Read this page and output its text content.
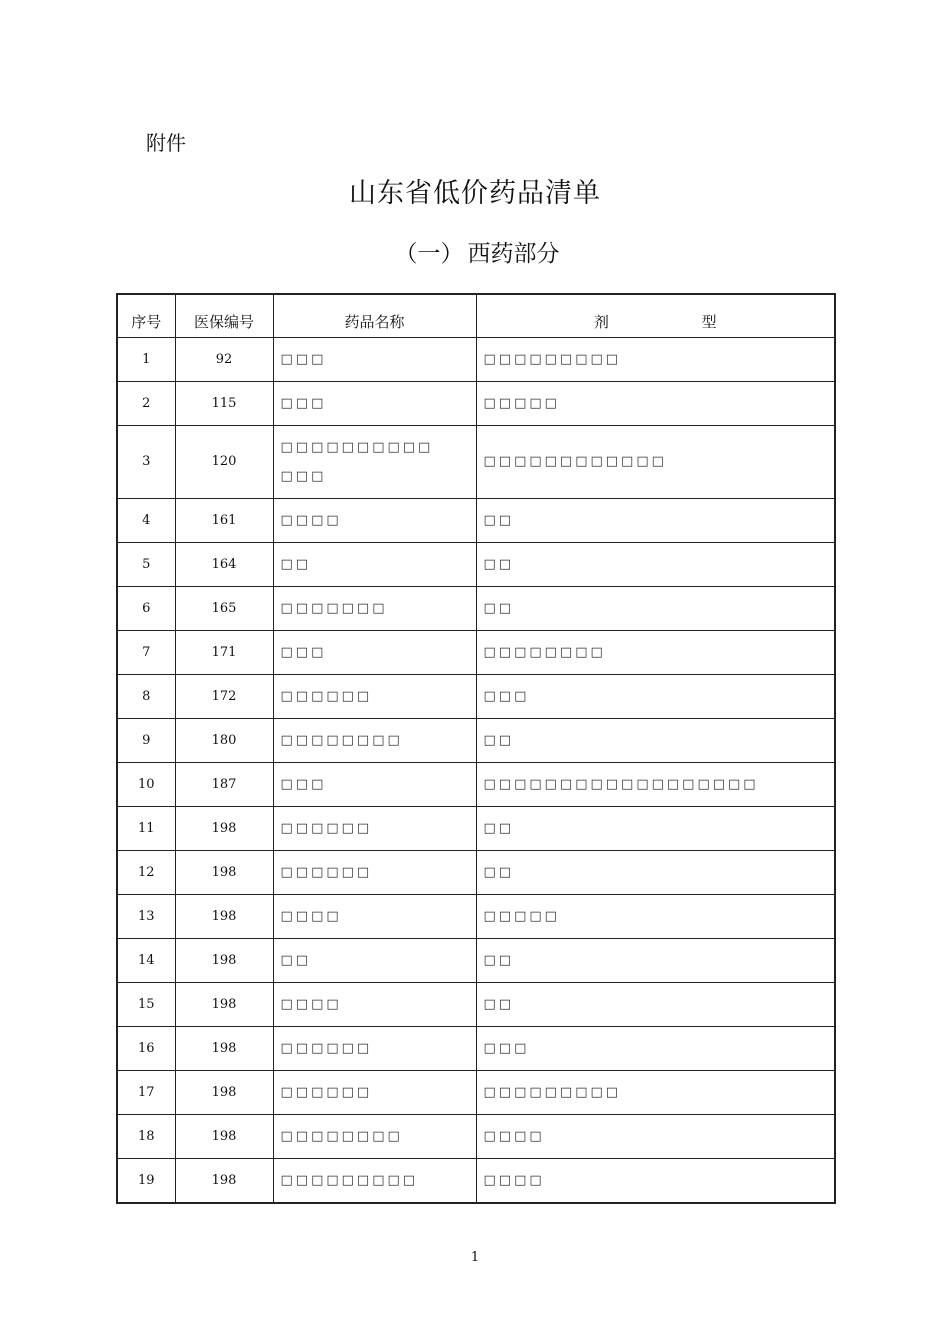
附件
山东省低价药品清单
（一） 西药部分
序号	医保编号	药品名称	剂 型
1	92	□□□	□□□□□□□□□
2	115	□□□	□□□□□
3	120	□□□□□□□□□□
□□□	□□□□□□□□□□□□
4	161	□□□□	□□
5	164	□□	□□
6	165	□□□□□□□	□□
7	171	□□□	□□□□□□□□
8	172	□□□□□□	□□□
9	180	□□□□□□□□	□□
10	187	□□□	□□□□□□□□□□□□□□□□□□
11	198	□□□□□□	□□
12	198	□□□□□□	□□
13	198	□□□□	□□□□□
14	198	□□	□□
15	198	□□□□	□□
16	198	□□□□□□	□□□
17	198	□□□□□□	□□□□□□□□□
18	198	□□□□□□□□	□□□□
19	198	□□□□□□□□□	□□□□
1
